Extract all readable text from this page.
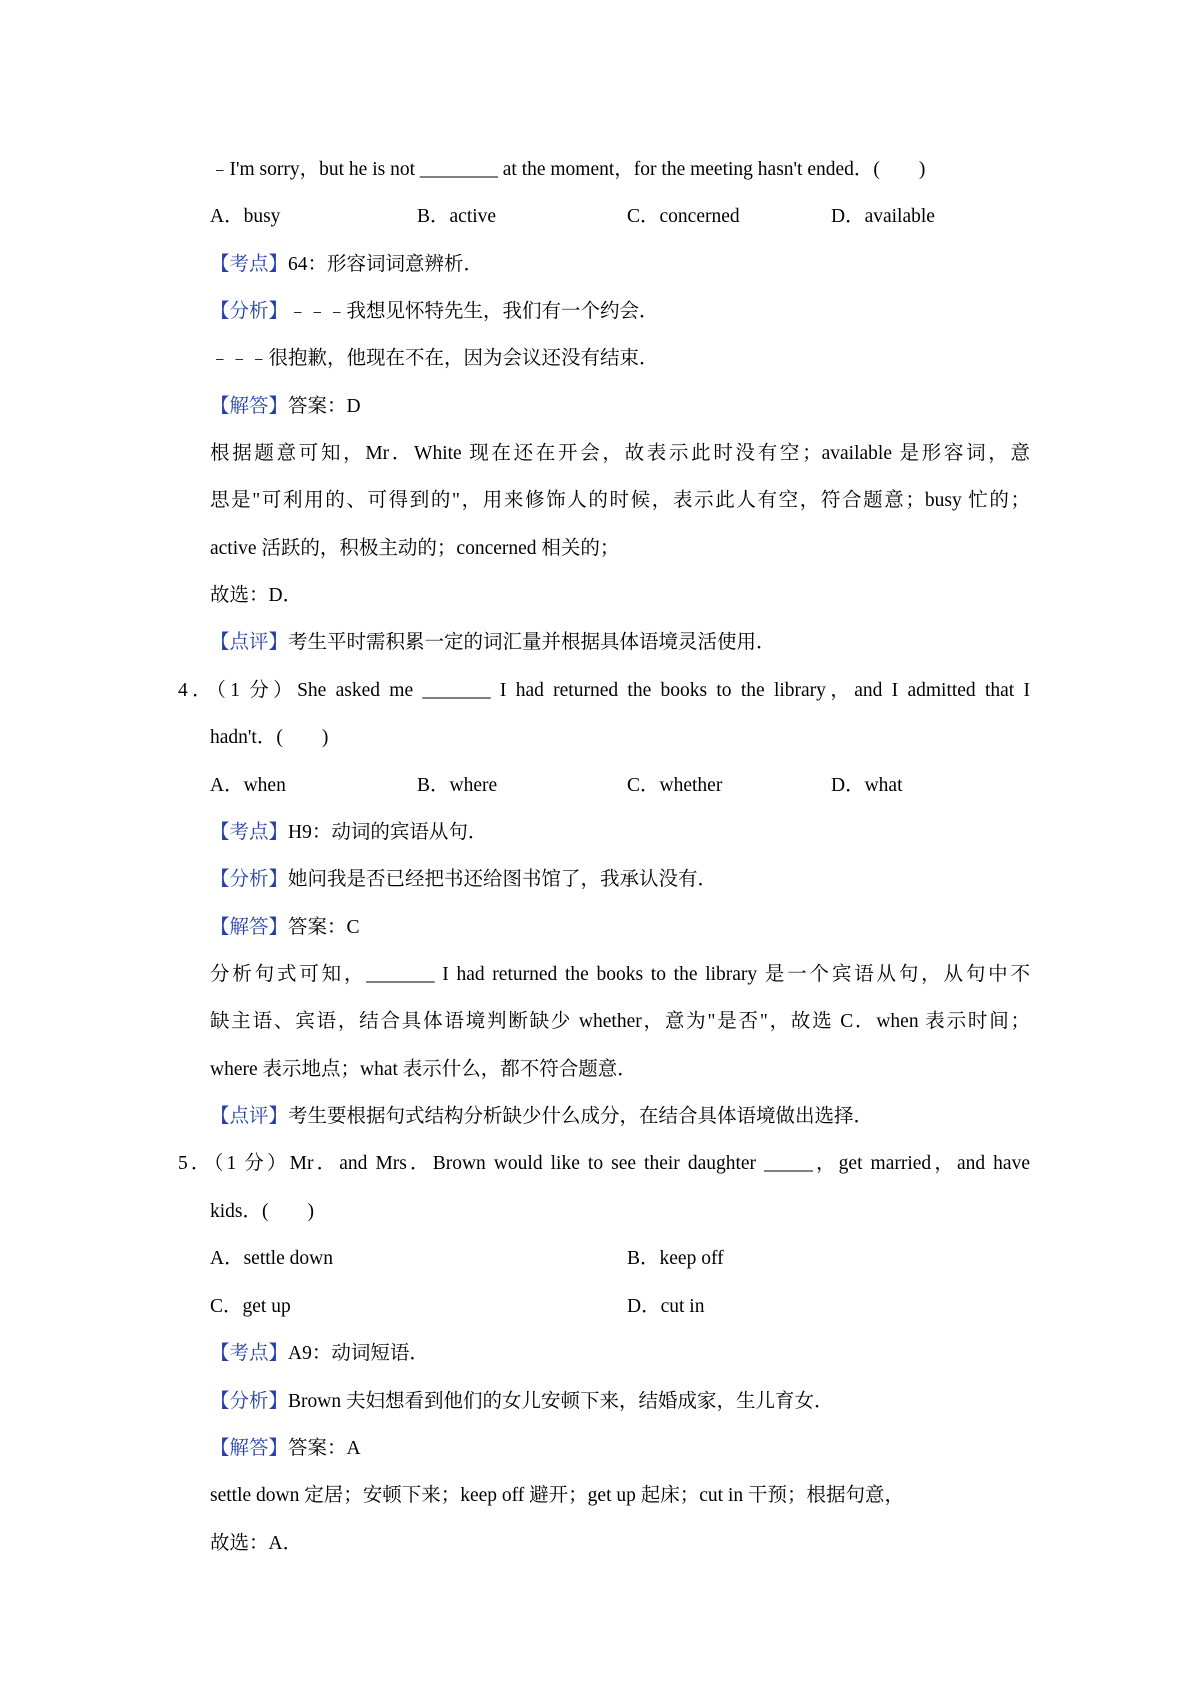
﹣I'm sorry，but he is not ________ at the moment，for the meeting hasn't ended．(　　)
A．busy	B．active	C．concerned	D．available
【考点】64：形容词词意辨析．
【分析】﹣﹣﹣我想见怀特先生，我们有一个约会．
﹣﹣﹣很抱歉，他现在不在，因为会议还没有结束．
【解答】答案：D
根据题意可知，Mr．White 现在还在开会，故表示此时没有空；available 是形容词，意
思是"可利用的、可得到的"，用来修饰人的时候，表示此人有空，符合题意；busy 忙的；
active 活跃的，积极主动的；concerned 相关的；
故选：D．
【点评】考生平时需积累一定的词汇量并根据具体语境灵活使用．
4．（1 分）She asked me _______ I had returned the books to the library，and I admitted that I
hadn't．(　　)
A．when	B．where	C．whether	D．what
【考点】H9：动词的宾语从句．
【分析】她问我是否已经把书还给图书馆了，我承认没有．
【解答】答案：C
分析句式可知，_______ I had returned the books to the library 是一个宾语从句，从句中不
缺主语、宾语，结合具体语境判断缺少 whether，意为"是否"，故选 C．when 表示时间；
where 表示地点；what 表示什么，都不符合题意．
【点评】考生要根据句式结构分析缺少什么成分，在结合具体语境做出选择．
5．（1 分）Mr．and Mrs．Brown would like to see their daughter _____，get married，and have
kids．(　　)
A．settle down	B．keep off
C．get up	D．cut in
【考点】A9：动词短语．
【分析】Brown 夫妇想看到他们的女儿安顿下来，结婚成家，生儿育女．
【解答】答案：A
settle down 定居；安顿下来；keep off 避开；get up 起床；cut in 干预；根据句意，
故选：A．
